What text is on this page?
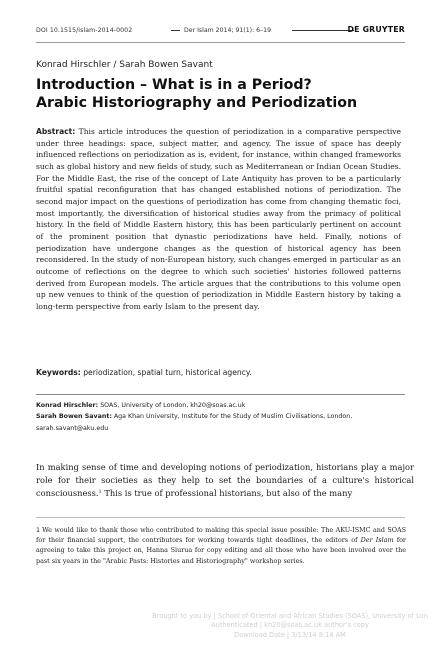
DOI 10.1515/islam-2014-0002	Der Islam 2014; 91(1): 6–19	DE GRUYTER
Konrad Hirschler / Sarah Bowen Savant
Introduction – What is in a Period?
Arabic Historiography and Periodization
Abstract: This article introduces the question of periodization in a comparative perspective under three headings: space, subject matter, and agency. The issue of space has deeply influenced reflections on periodization as is, evident, for instance, within changed frameworks such as global history and new fields of study, such as Mediterranean or Indian Ocean Studies. For the Middle East, the rise of the concept of Late Antiquity has proven to be a particularly fruitful spatial reconfiguration that has changed established notions of periodization. The second major impact on the questions of periodization has come from changing thematic foci, most importantly, the diversification of historical studies away from the primacy of political history. In the field of Middle Eastern history, this has been particularly pertinent on account of the prominent position that dynastic periodizations have held. Finally, notions of periodization have undergone changes as the question of historical agency has been reconsidered. In the study of non-European history, such changes emerged in particular as an outcome of reflections on the degree to which such societies' histories followed patterns derived from European models. The article argues that the contributions to this volume open up new venues to think of the question of periodization in Middle Eastern history by taking a long-term perspective from early Islam to the present day.
Keywords: periodization, spatial turn, historical agency.
Konrad Hirschler: SOAS, University of London, kh20@soas.ac.uk
Sarah Bowen Savant: Aga Khan University, Institute for the Study of Muslim Civilisations, London, sarah.savant@aku.edu
In making sense of time and developing notions of periodization, historians play a major role for their societies as they help to set the boundaries of a culture's historical consciousness.$^1$ This is true of professional historians, but also of the many
1 We would like to thank those who contributed to making this special issue possible: The AKU-ISMC and SOAS for their financial support, the contributors for working towards tight deadlines, the editors of Der Islam for agreeing to take this project on, Hanna Siurua for copy editing and all those who have been involved over the past six years in the "Arabic Pasts: Histories and Historiography" workshop series.
Brought to you by | School of Oriental and African Studies (SOAS), University of Lon
Authenticated | kh20@soas.ac.uk author's copy
Download Date | 3/13/14 8:14 AM
